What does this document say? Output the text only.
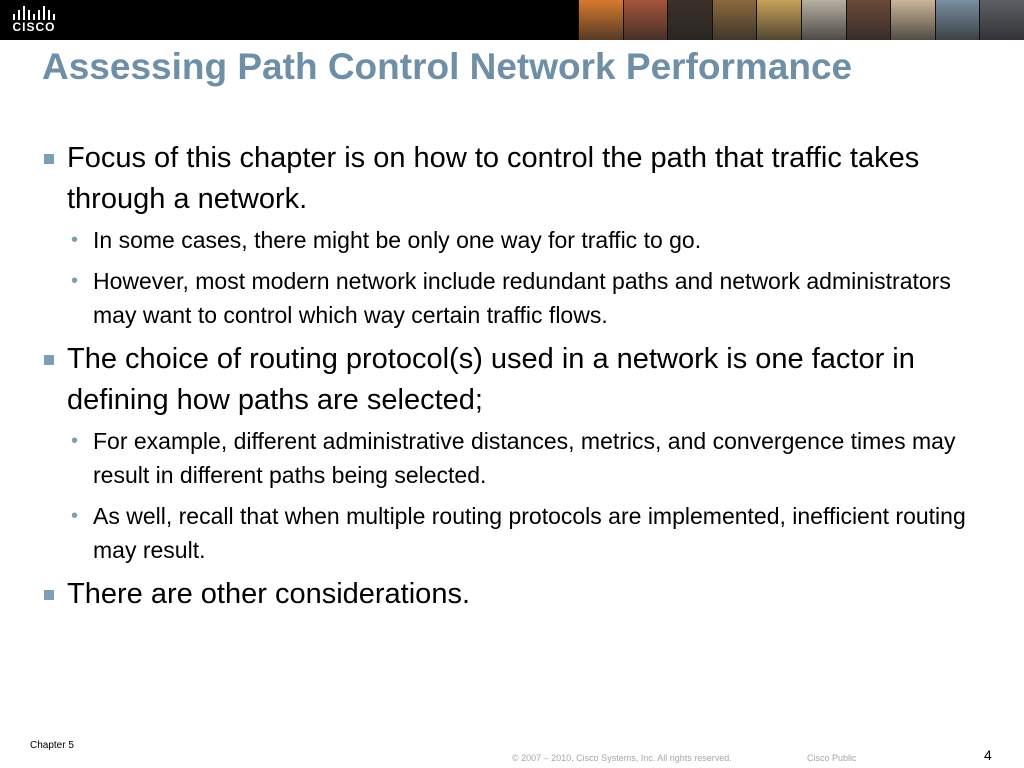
CISCO
Assessing Path Control Network Performance
Focus of this chapter is on how to control the path that traffic takes through a network.
• In some cases, there might be only one way for traffic to go.
• However, most modern network include redundant paths and network administrators may want to control which way certain traffic flows.
The choice of routing protocol(s) used in a network is one factor in defining how paths are selected;
• For example, different administrative distances, metrics, and convergence times may result in different paths being selected.
• As well, recall that when multiple routing protocols are implemented, inefficient routing may result.
There are other considerations.
Chapter 5
© 2007 – 2010, Cisco Systems, Inc. All rights reserved.	Cisco Public	4
